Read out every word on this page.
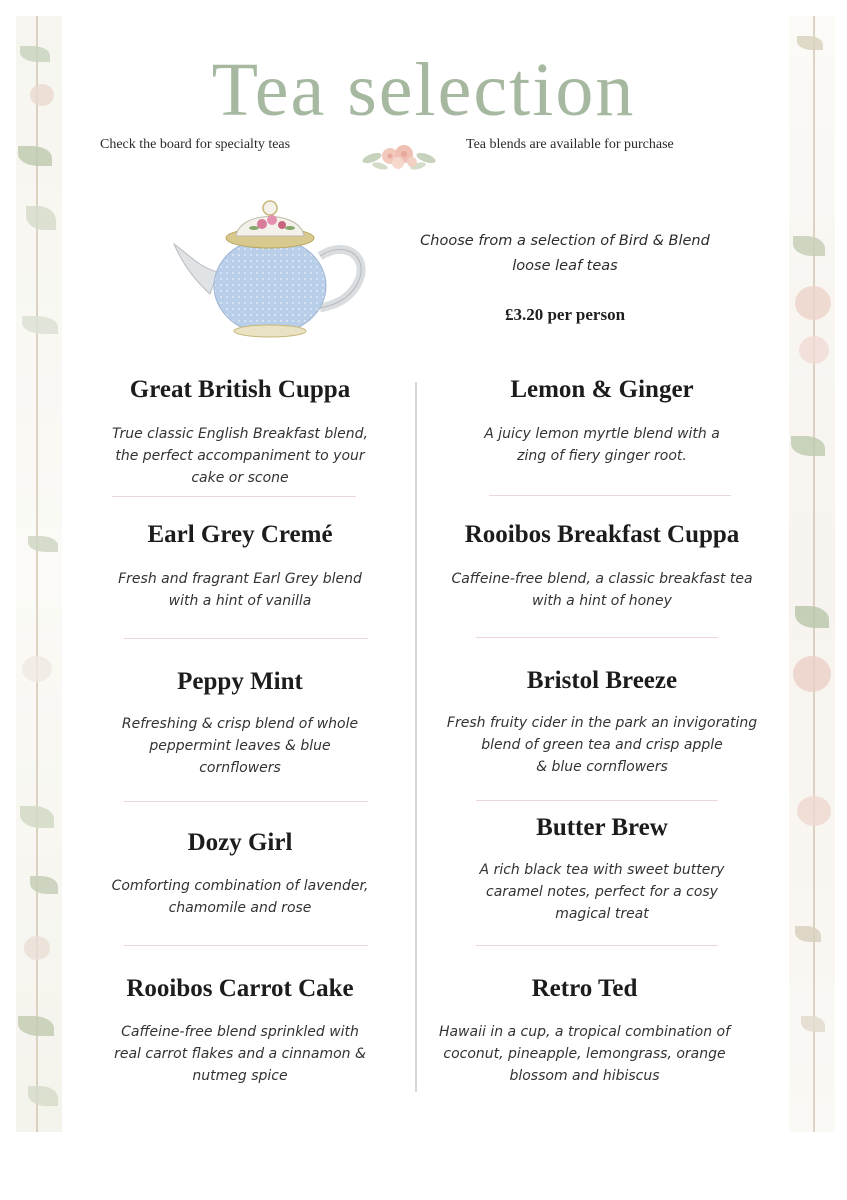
Tea selection
Check the board for specialty teas	Tea blends are available for purchase
Choose from a selection of Bird & Blend loose leaf teas
£3.20 per person

Great British Cuppa

True classic English Breakfast blend,
the perfect accompaniment to your
cake or scone

Earl Grey Cremé

Fresh and fragrant Earl Grey blend
with a hint of vanilla

Peppy Mint

Refreshing & crisp blend of whole
peppermint leaves & blue
cornflowers

Dozy Girl

Comforting combination of lavender,
chamomile and rose

Rooibos Carrot Cake

Caffeine-free blend sprinkled with
real carrot flakes and a cinnamon &
nutmeg spice

Lemon & Ginger

A juicy lemon myrtle blend with a
zing of fiery ginger root.

Rooibos Breakfast Cuppa

Caffeine-free blend, a classic breakfast tea
with a hint of honey

Bristol Breeze

Fresh fruity cider in the park an invigorating
blend of green tea and crisp apple
& blue cornflowers

Butter Brew

A rich black tea with sweet buttery
caramel notes, perfect for a cosy
magical treat

Retro Ted

Hawaii in a cup, a tropical combination of
coconut, pineapple, lemongrass, orange
blossom and hibiscus
